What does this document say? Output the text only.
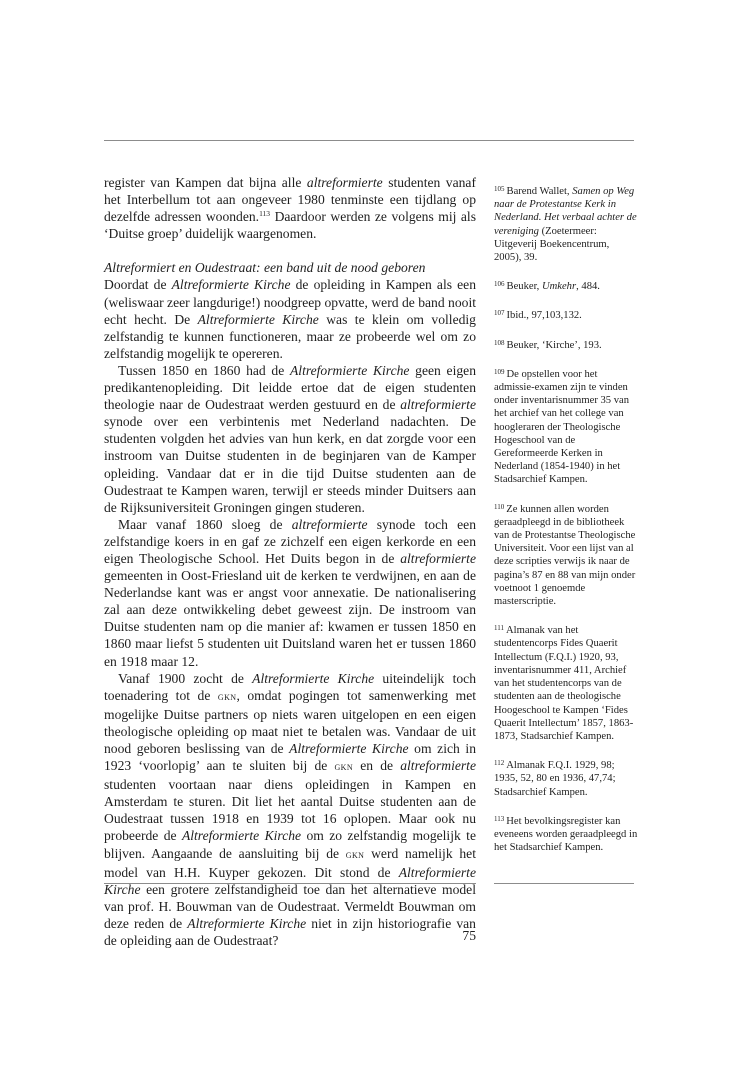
register van Kampen dat bijna alle altreformierte studenten vanaf het Interbellum tot aan ongeveer 1980 tenminste een tijdlang op dezelfde adressen woonden.$^{113}$ Daardoor werden ze volgens mij als ‘Duitse groep’ duidelijk waargenomen.

Altreformiert en Oudestraat: een band uit de nood geboren

Doordat de Altreformierte Kirche de opleiding in Kampen als een (weliswaar zeer langdurige!) noodgreep opvatte, werd de band nooit echt hecht. De Altreformierte Kirche was te klein om volledig zelfstandig te kunnen functioneren, maar ze probeerde wel om zo zelfstandig mogelijk te opereren.

Tussen 1850 en 1860 had de Altreformierte Kirche geen eigen predikantenopleiding. Dit leidde ertoe dat de eigen studenten theologie naar de Oudestraat werden gestuurd en de altreformierte synode over een verbintenis met Nederland nadachten. De studenten volgden het advies van hun kerk, en dat zorgde voor een instroom van Duitse studenten in de beginjaren van de Kamper opleiding. Vandaar dat er in die tijd Duitse studenten aan de Oudestraat te Kampen waren, terwijl er steeds minder Duitsers aan de Rijksuniversiteit Groningen gingen studeren.

Maar vanaf 1860 sloeg de altreformierte synode toch een zelfstandige koers in en gaf ze zichzelf een eigen kerkorde en een eigen Theologische School. Het Duits begon in de altreformierte gemeenten in Oost-Friesland uit de kerken te verdwijnen, en aan de Nederlandse kant was er angst voor annexatie. De nationalisering zal aan deze ontwikkeling debet geweest zijn. De instroom van Duitse studenten nam op die manier af: kwamen er tussen 1850 en 1860 maar liefst 5 studenten uit Duitsland waren het er tussen 1860 en 1918 maar 12.

Vanaf 1900 zocht de Altreformierte Kirche uiteindelijk toch toenadering tot de gkn, omdat pogingen tot samenwerking met mogelijke Duitse partners op niets waren uitgelopen en een eigen theologische opleiding op maat niet te betalen was. Vandaar de uit nood geboren beslissing van de Altreformierte Kirche om zich in 1923 ‘voorlopig’ aan te sluiten bij de gkn en de altreformierte studenten voortaan naar diens opleidingen in Kampen en Amsterdam te sturen. Dit liet het aantal Duitse studenten aan de Oudestraat tussen 1918 en 1939 tot 16 oplopen. Maar ook nu probeerde de Altreformierte Kirche om zo zelfstandig mogelijk te blijven. Aangaande de aansluiting bij de gkn werd namelijk het model van H.H. Kuyper gekozen. Dit stond de Altreformierte Kirche een grotere zelfstandigheid toe dan het alternatieve model van prof. H. Bouwman van de Oudestraat. Vermeldt Bouwman om deze reden de Altreformierte Kirche niet in zijn historiografie van de opleiding aan de Oudestraat?

$^{105}$ Barend Wallet, Samen op Weg naar de Protestantse Kerk in Nederland. Het verbaal achter de vereniging (Zoetermeer: Uitgeverij Boekencentrum, 2005), 39.

$^{106}$ Beuker, Umkehr, 484.

$^{107}$ Ibid., 97,103,132.

$^{108}$ Beuker, ‘Kirche’, 193.

$^{109}$ De opstellen voor het admissie-examen zijn te vinden onder inventarisnummer 35 van het archief van het college van hoogleraren der Theologische Hogeschool van de Gereformeerde Kerken in Nederland (1854-1940) in het Stadsarchief Kampen.

$^{110}$ Ze kunnen allen worden geraadpleegd in de bibliotheek van de Protestantse Theologische Universiteit. Voor een lijst van al deze scripties verwijs ik naar de pagina’s 87 en 88 van mijn onder voetnoot 1 genoemde masterscriptie.

$^{111}$ Almanak van het studentencorps Fides Quaerit Intellectum (F.Q.I.) 1920, 93, inventarisnummer 411, Archief van het studentencorps van de studenten aan de theologische Hoogeschool te Kampen ‘Fides Quaerit Intellectum’ 1857, 1863-1873, Stadsarchief Kampen.

$^{112}$ Almanak F.Q.I. 1929, 98; 1935, 52, 80 en 1936, 47,74; Stadsarchief Kampen.

$^{113}$ Het bevolkingsregister kan eveneens worden geraadpleegd in het Stadsarchief Kampen.

75
